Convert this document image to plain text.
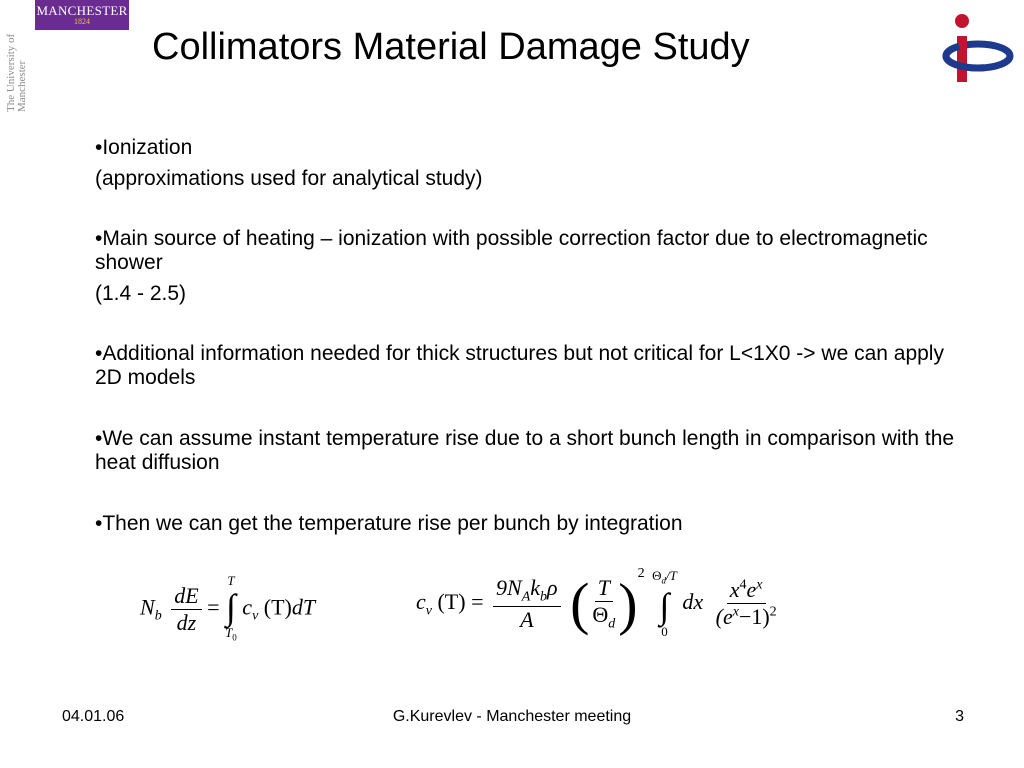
MANCHESTER
1824
The University of Manchester
Collimators Material Damage Study

•Ionization

(approximations used for analytical study)

•Main source of heating – ionization with possible correction factor due to electromagnetic shower

(1.4 - 2.5)

•Additional information needed for thick structures but not critical for L<1X0 -> we can apply 2D models

•We can assume instant temperature rise due to a short bunch length in comparison with the heat diffusion

•Then we can get the temperature rise per bunch by integration

$N_b \frac{dE}{dz}$ =
T
∫
$T_0$
$c_v$ (T)dT	$c_v$ $(T) = \frac{9N_Ak_b\rho}{A}$ ( $\frac{T}{\Theta_d} )^2$ $\Theta_d/T$
∫
0
dx $\frac{x^4e^x}{(e^x-1)^2}$
04.01.06	G.Kurevlev - Manchester meeting	3
